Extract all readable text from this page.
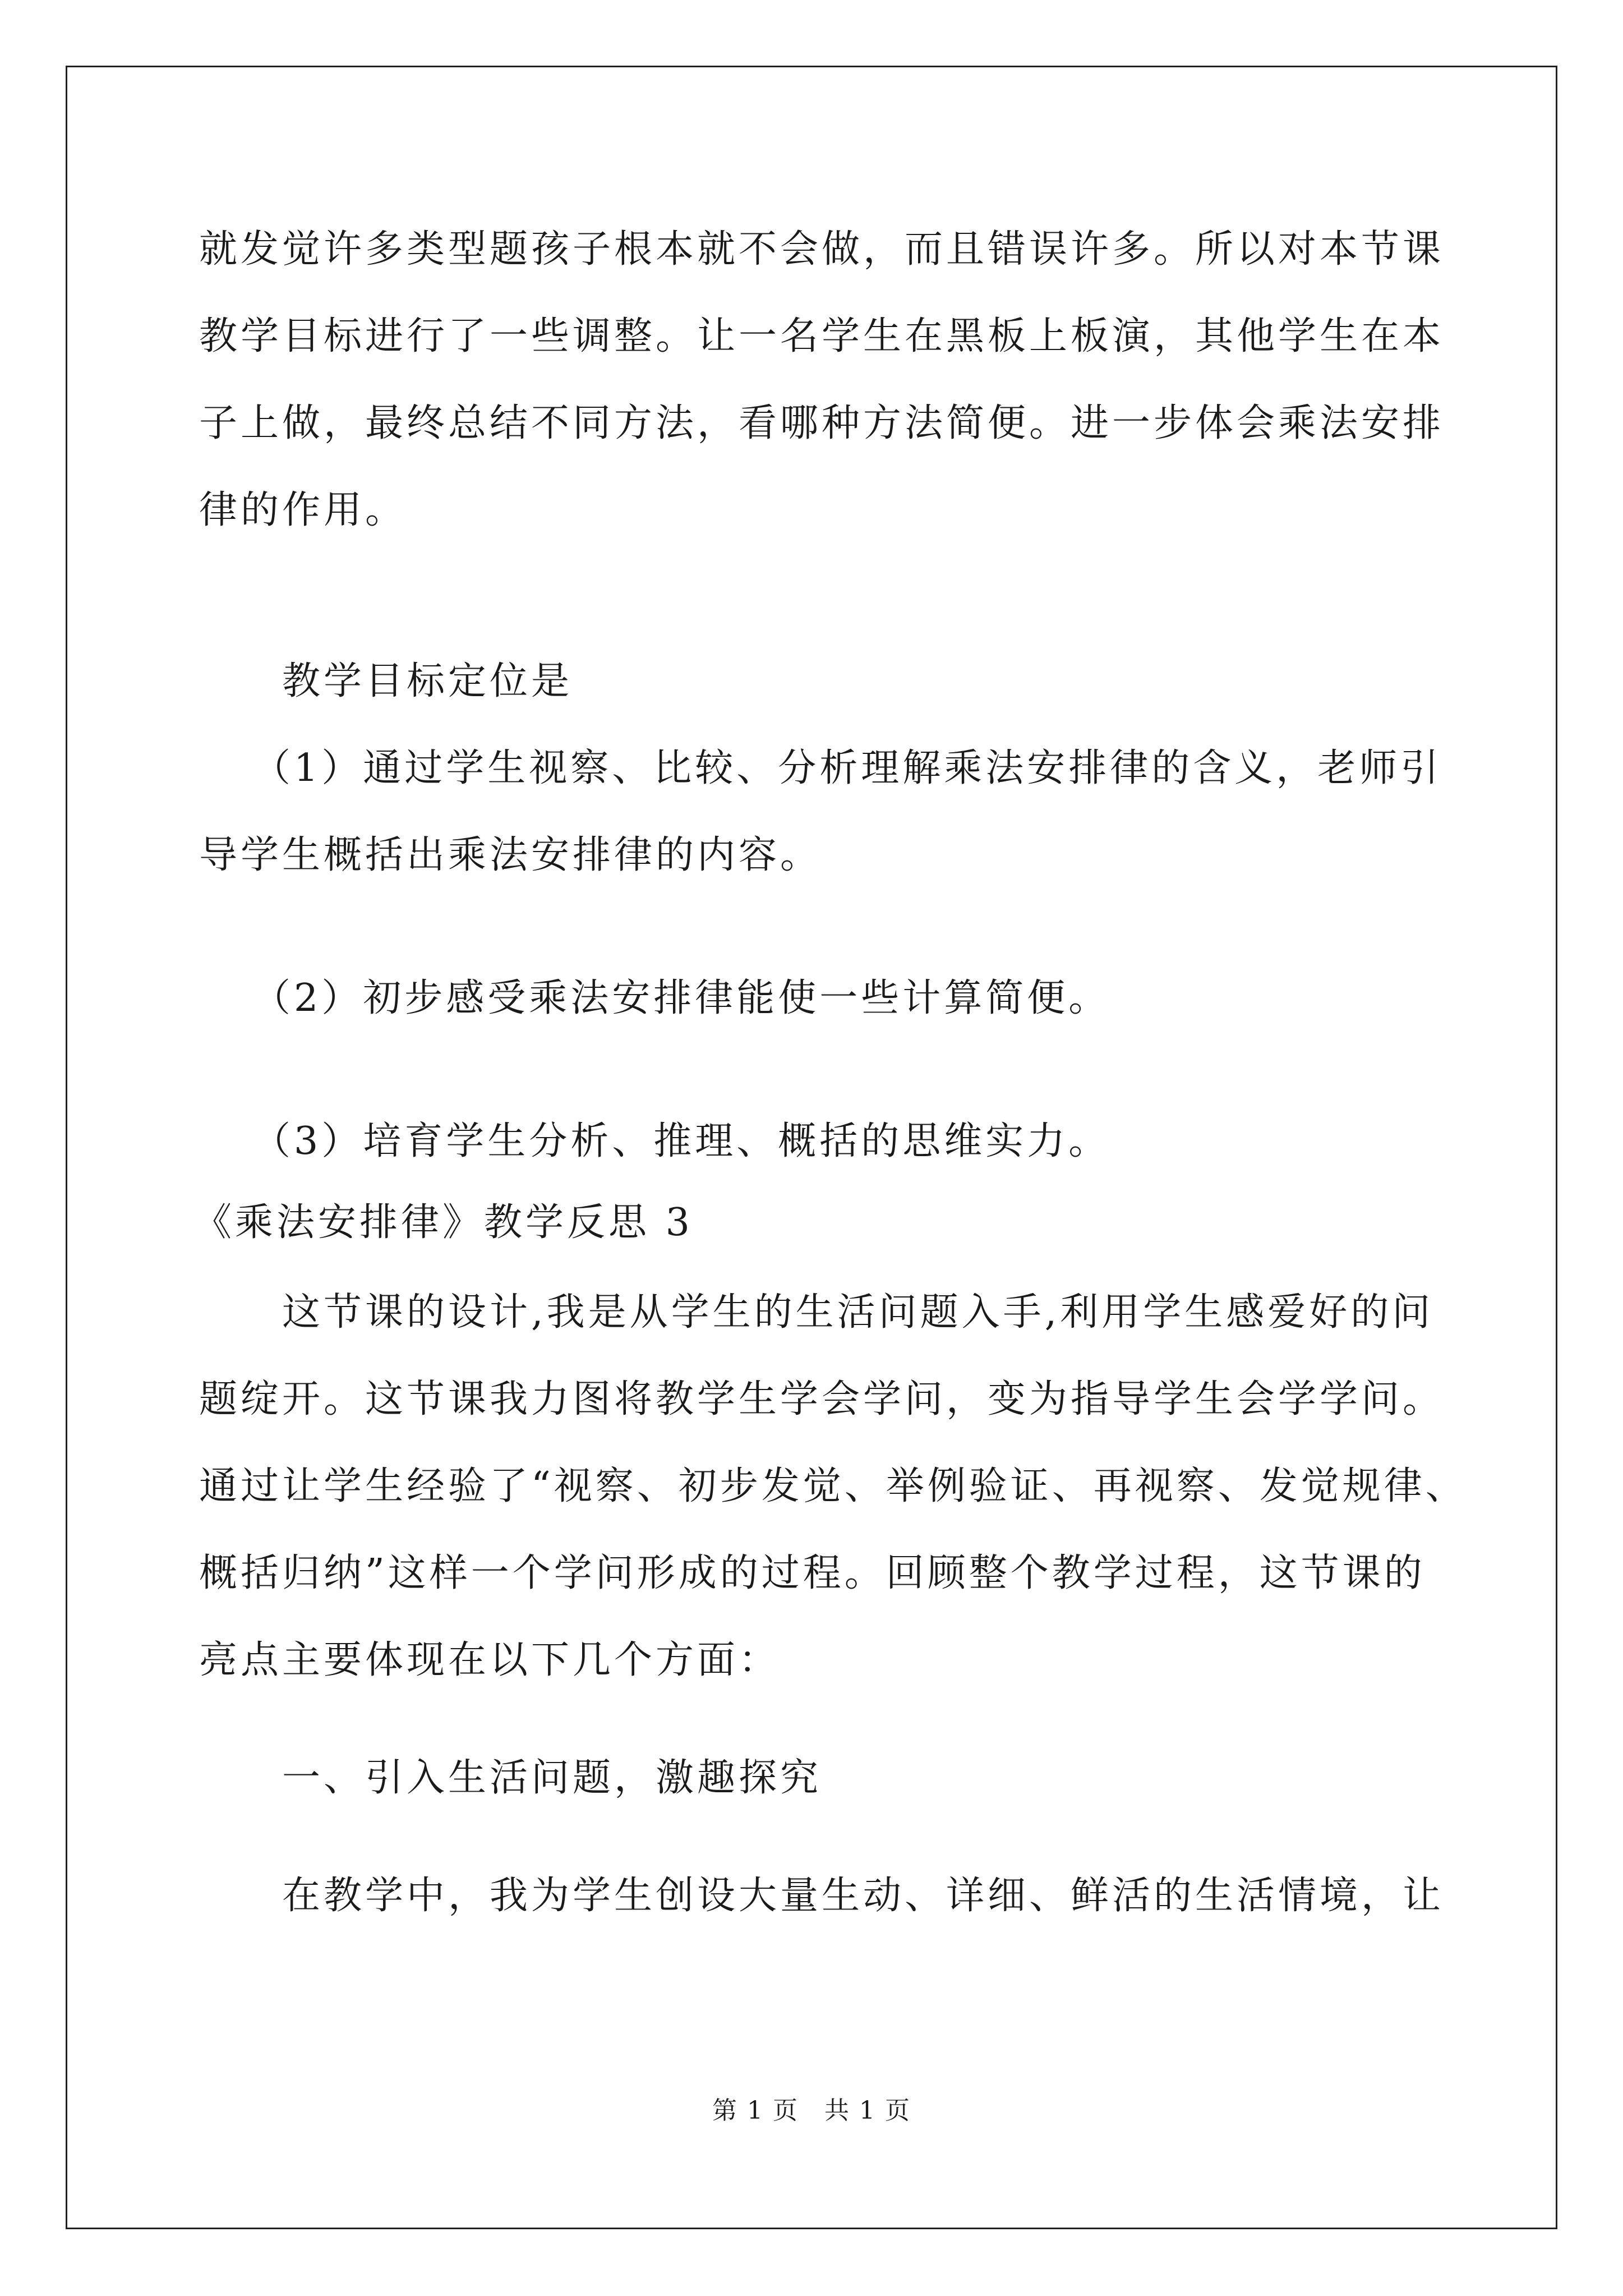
就发觉许多类型题孩子根本就不会做，而且错误许多。所以对本节课
教学目标进行了一些调整。让一名学生在黑板上板演，其他学生在本
子上做，最终总结不同方法，看哪种方法简便。进一步体会乘法安排
律的作用。
教学目标定位是
（1）通过学生视察、比较、分析理解乘法安排律的含义，老师引
导学生概括出乘法安排律的内容。
（2）初步感受乘法安排律能使一些计算简便。
（3）培育学生分析、推理、概括的思维实力。
《乘法安排律》教学反思 3
这节课的设计,我是从学生的生活问题入手,利用学生感爱好的问
题绽开。这节课我力图将教学生学会学问，变为指导学生会学学问。
通过让学生经验了“视察、初步发觉、举例验证、再视察、发觉规律、
概括归纳”这样一个学问形成的过程。回顾整个教学过程，这节课的
亮点主要体现在以下几个方面：
一、引入生活问题，激趣探究
在教学中，我为学生创设大量生动、详细、鲜活的生活情境，让
第 1 页　共 1 页
